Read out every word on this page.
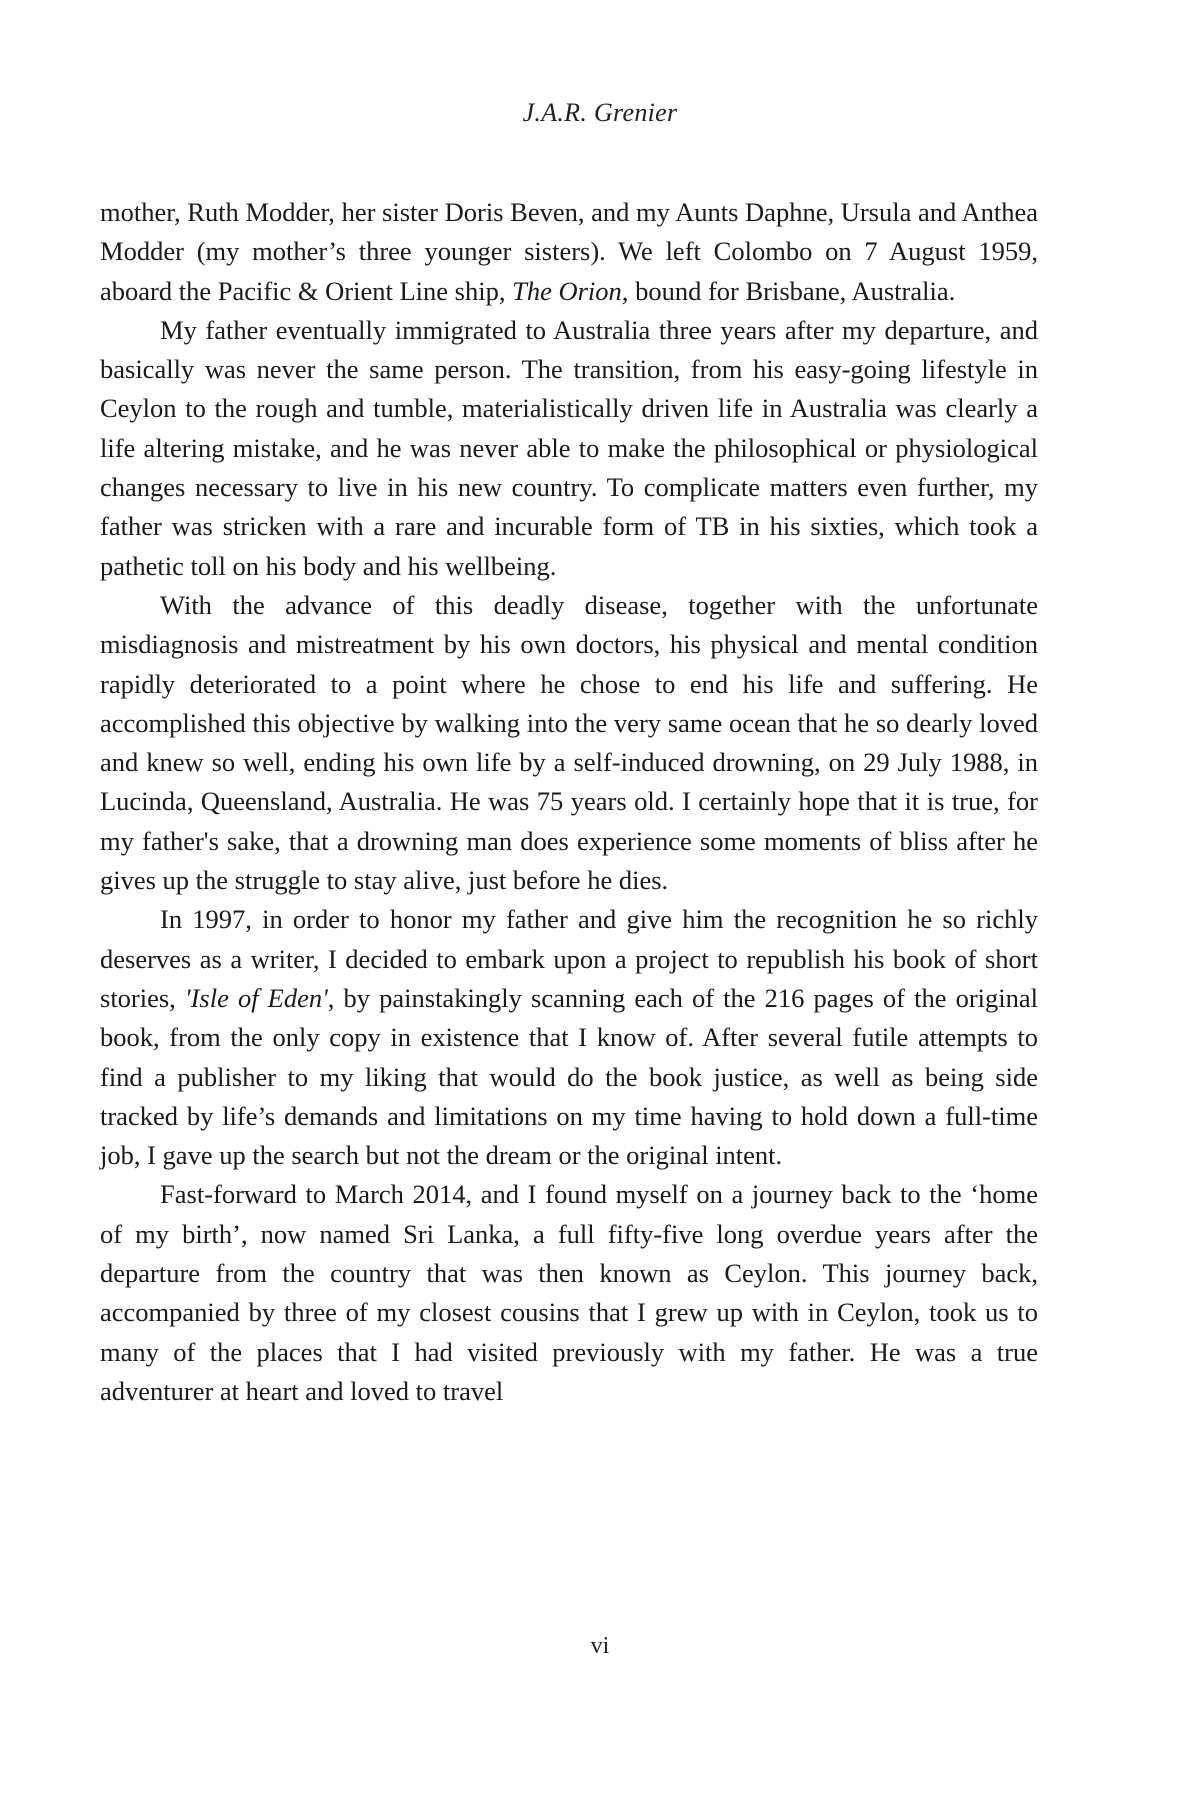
J.A.R. Grenier

mother, Ruth Modder, her sister Doris Beven, and my Aunts Daphne, Ursula and Anthea Modder (my mother’s three younger sisters). We left Colombo on 7 August 1959, aboard the Pacific & Orient Line ship, The Orion, bound for Brisbane, Australia.

My father eventually immigrated to Australia three years after my departure, and basically was never the same person. The transition, from his easy-going lifestyle in Ceylon to the rough and tumble, materialistically driven life in Australia was clearly a life altering mistake, and he was never able to make the philosophical or physiological changes necessary to live in his new country. To complicate matters even further, my father was stricken with a rare and incurable form of TB in his sixties, which took a pathetic toll on his body and his wellbeing.

With the advance of this deadly disease, together with the unfortunate misdiagnosis and mistreatment by his own doctors, his physical and mental condition rapidly deteriorated to a point where he chose to end his life and suffering. He accomplished this objective by walking into the very same ocean that he so dearly loved and knew so well, ending his own life by a self-induced drowning, on 29 July 1988, in Lucinda, Queensland, Australia. He was 75 years old. I certainly hope that it is true, for my father's sake, that a drowning man does experience some moments of bliss after he gives up the struggle to stay alive, just before he dies.

In 1997, in order to honor my father and give him the recognition he so richly deserves as a writer, I decided to embark upon a project to republish his book of short stories, 'Isle of Eden', by painstakingly scanning each of the 216 pages of the original book, from the only copy in existence that I know of. After several futile attempts to find a publisher to my liking that would do the book justice, as well as being side tracked by life’s demands and limitations on my time having to hold down a full-time job, I gave up the search but not the dream or the original intent.

Fast-forward to March 2014, and I found myself on a journey back to the ‘home of my birth’, now named Sri Lanka, a full fifty-five long overdue years after the departure from the country that was then known as Ceylon. This journey back, accompanied by three of my closest cousins that I grew up with in Ceylon, took us to many of the places that I had visited previously with my father. He was a true adventurer at heart and loved to travel

vi
